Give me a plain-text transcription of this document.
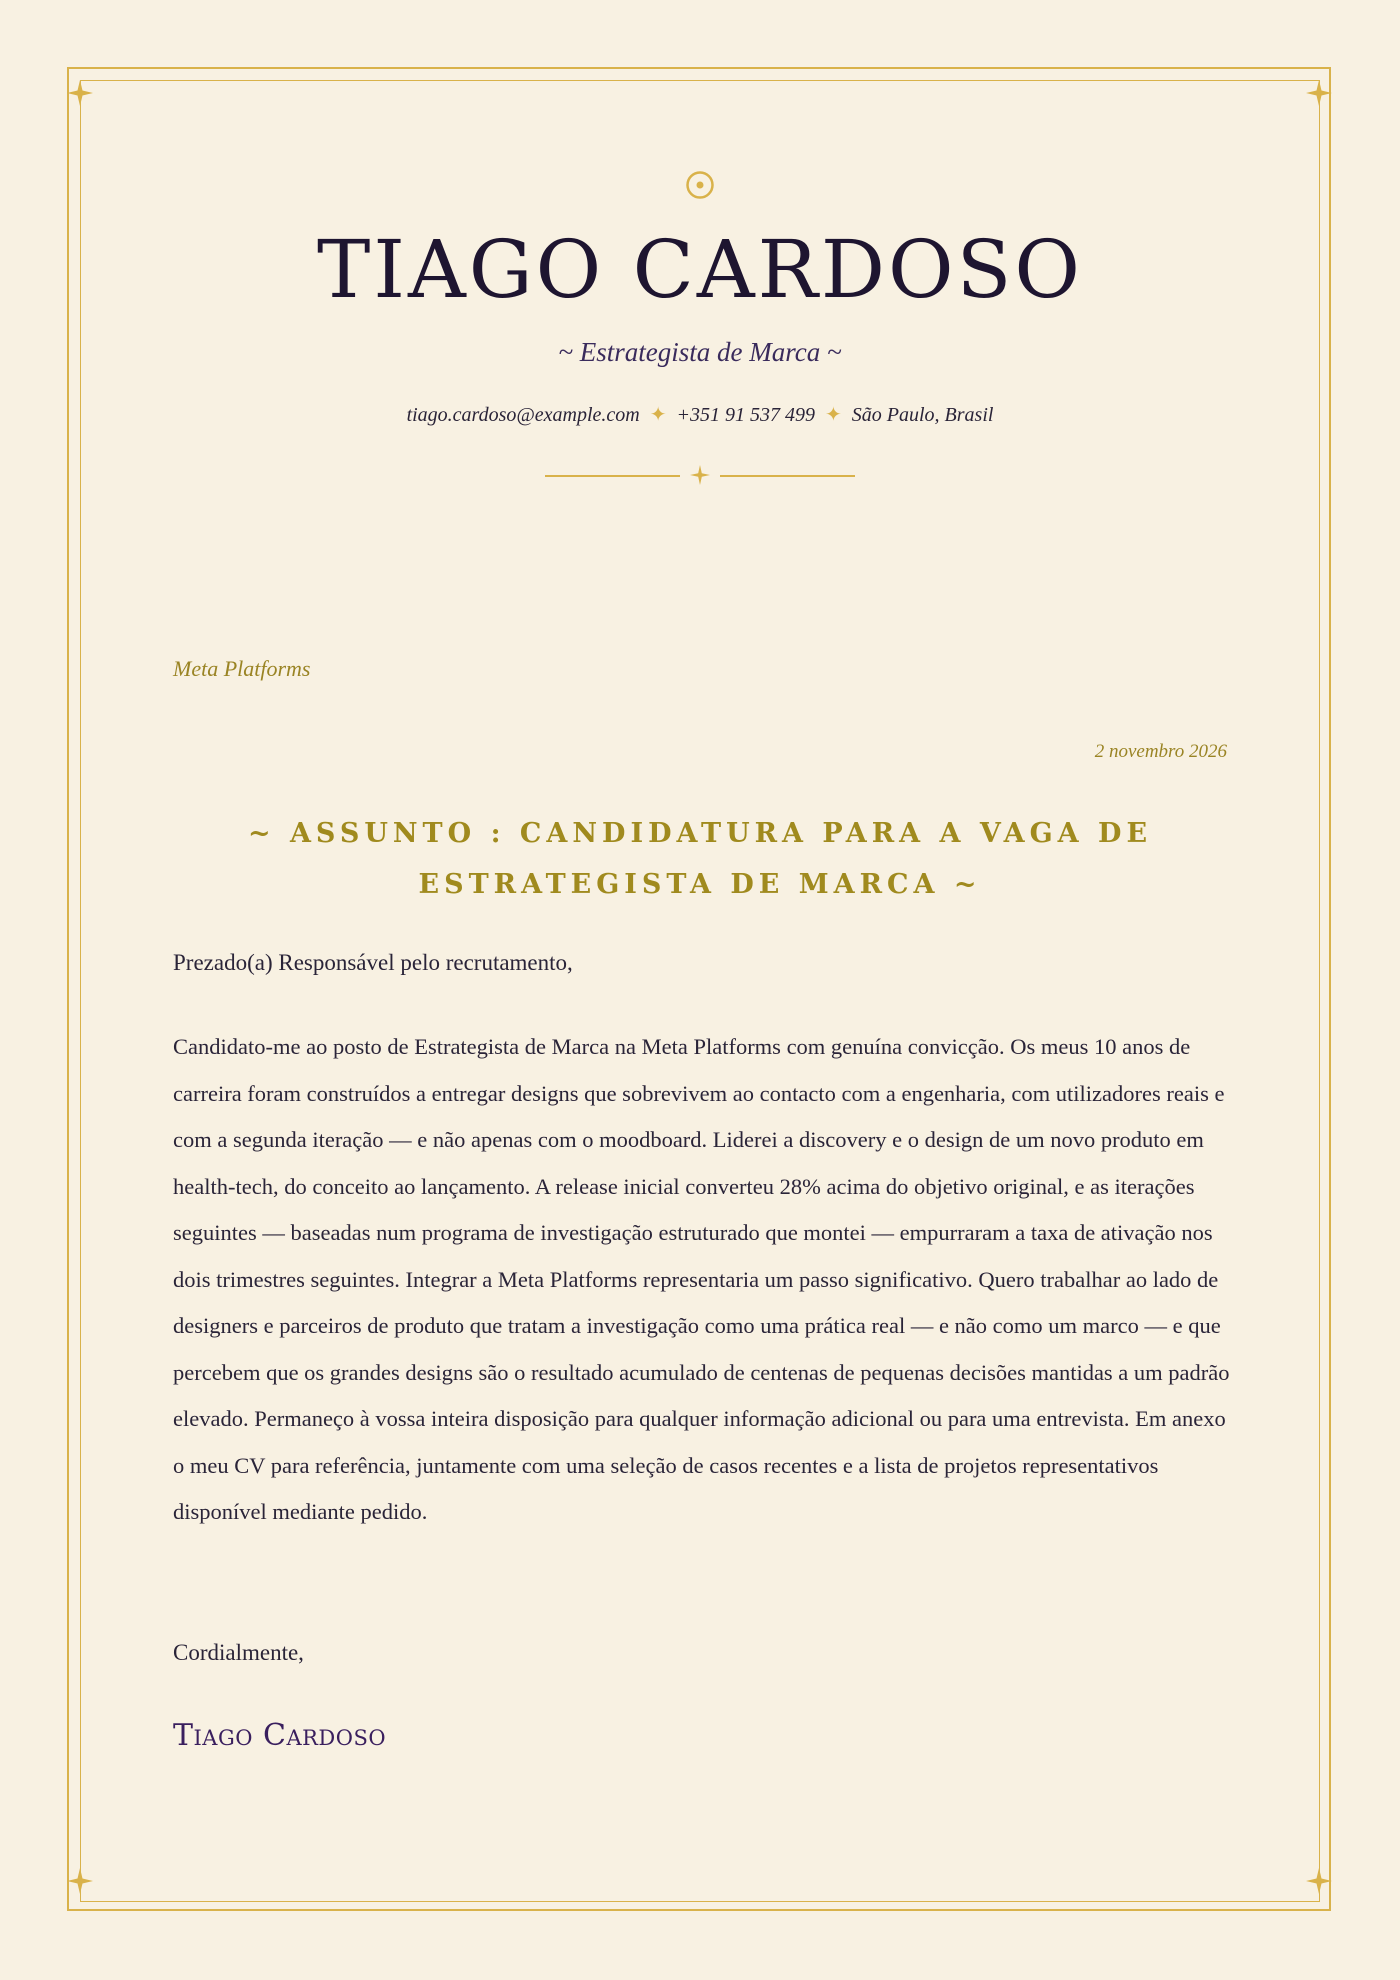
TIAGO CARDOSO
~ Estrategista de Marca ~
tiago.cardoso@example.com ✦ +351 91 537 499 ✦ São Paulo, Brasil
Meta Platforms
2 novembro 2026
~ ASSUNTO : CANDIDATURA PARA A VAGA DE ESTRATEGISTA DE MARCA ~
Prezado(a) Responsável pelo recrutamento,

Candidato-me ao posto de Estrategista de Marca na Meta Platforms com genuína convicção. Os meus 10 anos de carreira foram construídos a entregar designs que sobrevivem ao contacto com a engenharia, com utilizadores reais e com a segunda iteração — e não apenas com o moodboard. Liderei a discovery e o design de um novo produto em health-tech, do conceito ao lançamento. A release inicial converteu 28% acima do objetivo original, e as iterações seguintes — baseadas num programa de investigação estruturado que montei — empurraram a taxa de ativação nos dois trimestres seguintes. Integrar a Meta Platforms representaria um passo significativo. Quero trabalhar ao lado de designers e parceiros de produto que tratam a investigação como uma prática real — e não como um marco — e que percebem que os grandes designs são o resultado acumulado de centenas de pequenas decisões mantidas a um padrão elevado. Permaneço à vossa inteira disposição para qualquer informação adicional ou para uma entrevista. Em anexo o meu CV para referência, juntamente com uma seleção de casos recentes e a lista de projetos representativos disponível mediante pedido.

Cordialmente,
Tiago Cardoso
